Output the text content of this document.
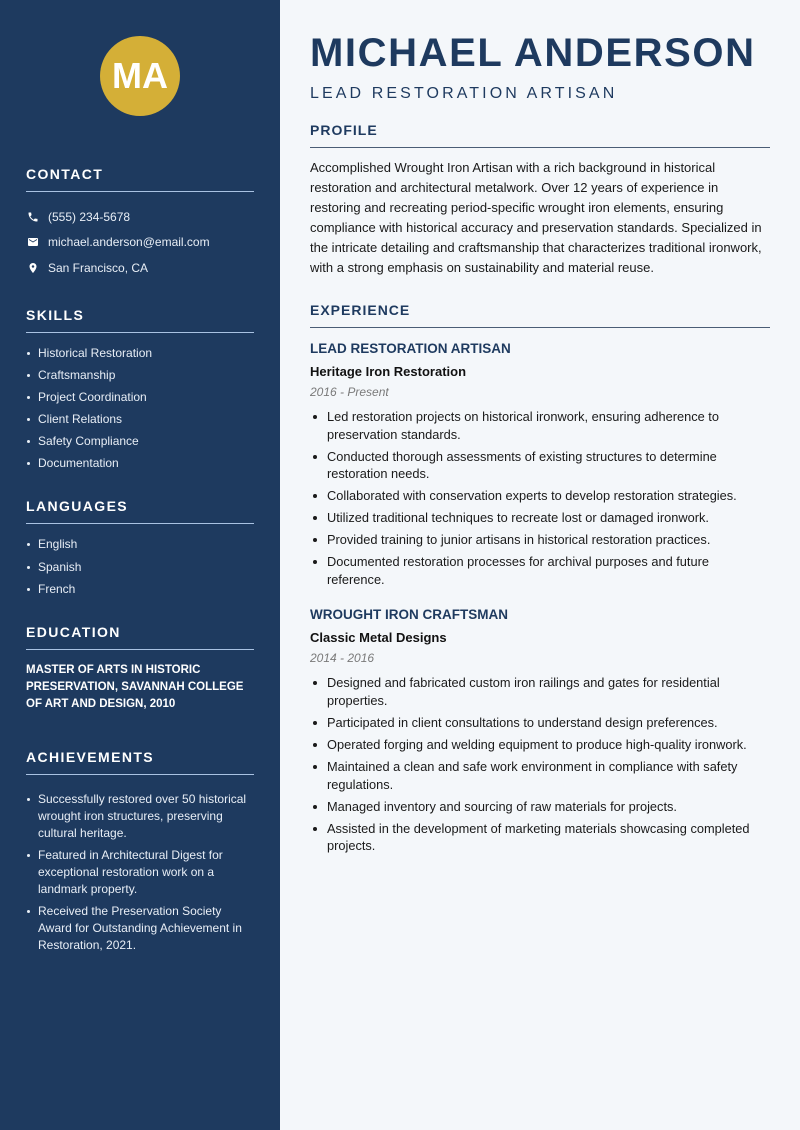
MA
CONTACT
(555) 234-5678
michael.anderson@email.com
San Francisco, CA
SKILLS
Historical Restoration
Craftsmanship
Project Coordination
Client Relations
Safety Compliance
Documentation
LANGUAGES
English
Spanish
French
EDUCATION

MASTER OF ARTS IN HISTORIC PRESERVATION, SAVANNAH COLLEGE OF ART AND DESIGN, 2010

ACHIEVEMENTS
Successfully restored over 50 historical wrought iron structures, preserving cultural heritage.
Featured in Architectural Digest for exceptional restoration work on a landmark property.
Received the Preservation Society Award for Outstanding Achievement in Restoration, 2021.
MICHAEL ANDERSON
LEAD RESTORATION ARTISAN
PROFILE

Accomplished Wrought Iron Artisan with a rich background in historical restoration and architectural metalwork. Over 12 years of experience in restoring and recreating period-specific wrought iron elements, ensuring compliance with historical accuracy and preservation standards. Specialized in the intricate detailing and craftsmanship that characterizes traditional ironwork, with a strong emphasis on sustainability and material reuse.

EXPERIENCE
LEAD RESTORATION ARTISAN
Heritage Iron Restoration
2016 - Present
Led restoration projects on historical ironwork, ensuring adherence to preservation standards.
Conducted thorough assessments of existing structures to determine restoration needs.
Collaborated with conservation experts to develop restoration strategies.
Utilized traditional techniques to recreate lost or damaged ironwork.
Provided training to junior artisans in historical restoration practices.
Documented restoration processes for archival purposes and future reference.
WROUGHT IRON CRAFTSMAN
Classic Metal Designs
2014 - 2016
Designed and fabricated custom iron railings and gates for residential properties.
Participated in client consultations to understand design preferences.
Operated forging and welding equipment to produce high-quality ironwork.
Maintained a clean and safe work environment in compliance with safety regulations.
Managed inventory and sourcing of raw materials for projects.
Assisted in the development of marketing materials showcasing completed projects.
